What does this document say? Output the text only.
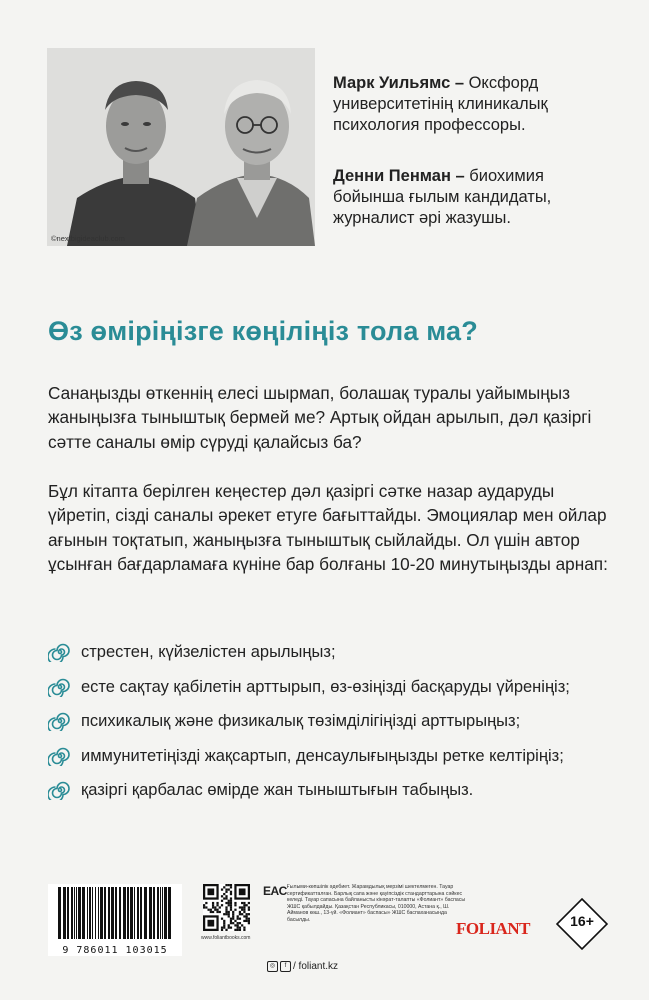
©nextbigideaclub.com

Марк Уильямс – Оксфорд университетінің клиникалық психология профессоры.

Денни Пенман – биохимия бойынша ғылым кандидаты, журналист әрі жазушы.

Өз өміріңізге көңіліңіз тола ма?
Санаңызды өткеннің елесі шырмап, болашақ туралы уайымыңыз жаныңызға тыныштық бермей ме? Артық ойдан арылып, дәл қазіргі сәтте саналы өмір сүруді қалайсыз ба?
Бұл кітапта берілген кеңестер дәл қазіргі сәтке назар аударуды үйретіп, сізді саналы әрекет етуге бағыттайды. Эмоциялар мен ойлар ағынын тоқтатып, жаныңызға тыныштық сыйлайды. Ол үшін автор ұсынған бағдарламаға күніне бар болғаны 10-20 минутыңызды арнап:
стрестен, күйзелістен арылыңыз;
есте сақтау қабілетін арттырып, өз-өзіңізді басқаруды үйреніңіз;
психикалық және физикалық төзімділігіңізді арттырыңыз;
иммунитетіңізді жақсартып, денсаулығыңызды ретке келтіріңіз;
қазіргі қарбалас өмірде жан тыныштығын табыңыз.
9 786011 103015
www.foliantbooks.com
EAC Ғылыми-көпшілік әдебиет. Жарамдылық мерзімі шектелмеген. Тауар сертификатталған. Барлық сапа және қауіпсіздік стандарттарына сәйкес келеді. Тауар сапасына байланысты кінәрат-талапты «Фолиант» баспасы ЖШС қабылдайды. Қазақстан Республикасы, 010000, Астана қ., Ш. Айманов көш., 13-үй. «Фолиант» баспасы» ЖШС баспаханасында басылды.
◎	f / foliant.kz
FOLIANT	16+
